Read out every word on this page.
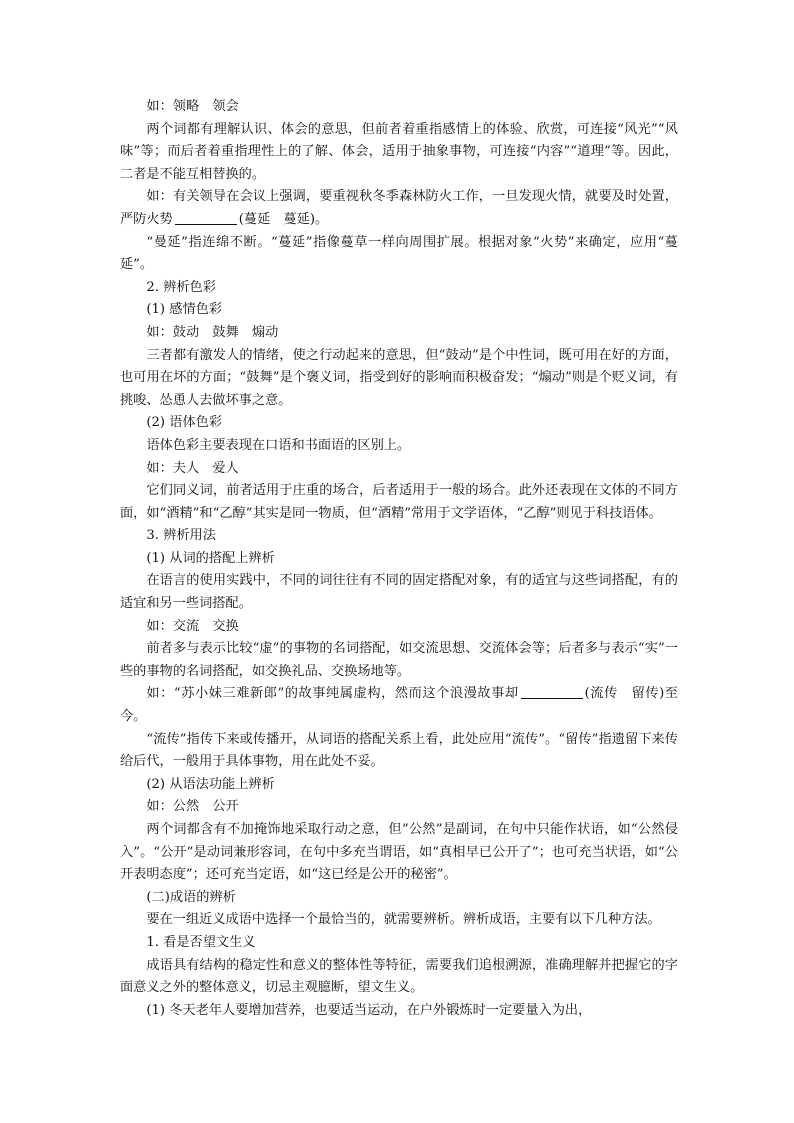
如：领略　领会

两个词都有理解认识、体会的意思，但前者着重指感情上的体验、欣赏，可连接“风光”“风味”等；而后者着重指理性上的了解、体会，适用于抽象事物，可连接“内容”“道理”等。因此，二者是不能互相替换的。

如：有关领导在会议上强调，要重视秋冬季森林防火工作，一旦发现火情，就要及时处置，严防火势	(蔓延　蔓延)。

“曼延”指连绵不断。“蔓延”指像蔓草一样向周围扩展。根据对象“火势”来确定，应用“蔓延”。

2. 辨析色彩

(1) 感情色彩

如：鼓动　鼓舞　煽动

三者都有激发人的情绪，使之行动起来的意思，但“鼓动”是个中性词，既可用在好的方面，也可用在坏的方面；“鼓舞”是个褒义词，指受到好的影响而积极奋发；“煽动”则是个贬义词，有挑唆、怂恿人去做坏事之意。

(2) 语体色彩

语体色彩主要表现在口语和书面语的区别上。

如：夫人　爱人

它们同义词，前者适用于庄重的场合，后者适用于一般的场合。此外还表现在文体的不同方面，如“酒精”和“乙醇”其实是同一物质，但“酒精”常用于文学语体，“乙醇”则见于科技语体。

3. 辨析用法

(1) 从词的搭配上辨析

在语言的使用实践中，不同的词往往有不同的固定搭配对象，有的适宜与这些词搭配，有的适宜和另一些词搭配。

如：交流　交换

前者多与表示比较“虚”的事物的名词搭配，如交流思想、交流体会等；后者多与表示“实”一些的事物的名词搭配，如交换礼品、交换场地等。

如：“苏小妹三难新郎”的故事纯属虚构，然而这个浪漫故事却	(流传　留传)至今。

“流传”指传下来或传播开，从词语的搭配关系上看，此处应用“流传”。“留传”指遗留下来传给后代，一般用于具体事物，用在此处不妥。

(2) 从语法功能上辨析

如：公然　公开

两个词都含有不加掩饰地采取行动之意，但“公然”是副词，在句中只能作状语，如“公然侵入”。“公开”是动词兼形容词，在句中多充当谓语，如“真相早已公开了”；也可充当状语，如“公开表明态度”；还可充当定语，如“这已经是公开的秘密”。

(二)成语的辨析

要在一组近义成语中选择一个最恰当的，就需要辨析。辨析成语，主要有以下几种方法。

1. 看是否望文生义

成语具有结构的稳定性和意义的整体性等特征，需要我们追根溯源，准确理解并把握它的字面意义之外的整体意义，切忌主观臆断，望文生义。

(1) 冬天老年人要增加营养，也要适当运动，在户外锻炼时一定要量入为出，
